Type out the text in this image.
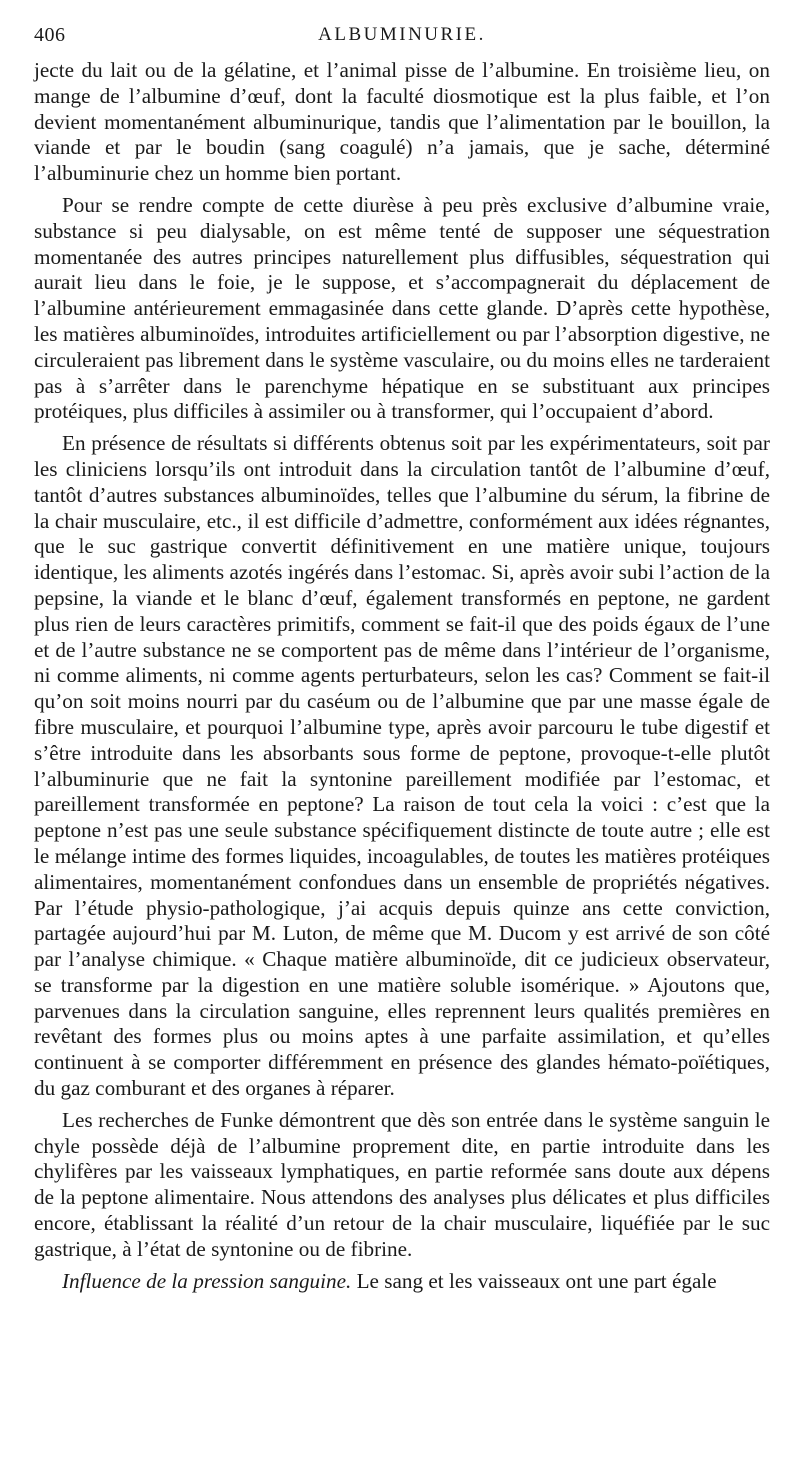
406	ALBUMINURIE.

jecte du lait ou de la gélatine, et l’animal pisse de l’albumine. En troisième lieu, on mange de l’albumine d’œuf, dont la faculté diosmotique est la plus faible, et l’on devient momentanément albuminurique, tandis que l’alimentation par le bouillon, la viande et par le boudin (sang coagulé) n’a jamais, que je sache, déterminé l’albuminurie chez un homme bien portant.

Pour se rendre compte de cette diurèse à peu près exclusive d’albumine vraie, substance si peu dialysable, on est même tenté de supposer une séquestration momentanée des autres principes naturellement plus diffusibles, séquestration qui aurait lieu dans le foie, je le suppose, et s’accompagnerait du déplacement de l’albumine antérieurement emmagasinée dans cette glande. D’après cette hypothèse, les matières albuminoïdes, introduites artificiellement ou par l’absorption digestive, ne circuleraient pas librement dans le système vasculaire, ou du moins elles ne tarderaient pas à s’arrêter dans le parenchyme hépatique en se substituant aux principes protéiques, plus difficiles à assimiler ou à transformer, qui l’occupaient d’abord.

En présence de résultats si différents obtenus soit par les expérimentateurs, soit par les cliniciens lorsqu’ils ont introduit dans la circulation tantôt de l’albumine d’œuf, tantôt d’autres substances albuminoïdes, telles que l’albumine du sérum, la fibrine de la chair musculaire, etc., il est difficile d’admettre, conformément aux idées régnantes, que le suc gastrique convertit définitivement en une matière unique, toujours identique, les aliments azotés ingérés dans l’estomac. Si, après avoir subi l’action de la pepsine, la viande et le blanc d’œuf, également transformés en peptone, ne gardent plus rien de leurs caractères primitifs, comment se fait-il que des poids égaux de l’une et de l’autre substance ne se comportent pas de même dans l’intérieur de l’organisme, ni comme aliments, ni comme agents perturbateurs, selon les cas? Comment se fait-il qu’on soit moins nourri par du caséum ou de l’albumine que par une masse égale de fibre musculaire, et pourquoi l’albumine type, après avoir parcouru le tube digestif et s’être introduite dans les absorbants sous forme de peptone, provoque-t-elle plutôt l’albuminurie que ne fait la syntonine pareillement modifiée par l’estomac, et pareillement transformée en peptone? La raison de tout cela la voici : c’est que la peptone n’est pas une seule substance spécifiquement distincte de toute autre ; elle est le mélange intime des formes liquides, incoagulables, de toutes les matières protéiques alimentaires, momentanément confondues dans un ensemble de propriétés négatives. Par l’étude physio-pathologique, j’ai acquis depuis quinze ans cette conviction, partagée aujourd’hui par M. Luton, de même que M. Ducom y est arrivé de son côté par l’analyse chimique. « Chaque matière albuminoïde, dit ce judicieux observateur, se transforme par la digestion en une matière soluble isomérique. » Ajoutons que, parvenues dans la circulation sanguine, elles reprennent leurs qualités premières en revêtant des formes plus ou moins aptes à une parfaite assimilation, et qu’elles continuent à se comporter différemment en présence des glandes hémato-poïétiques, du gaz comburant et des organes à réparer.

Les recherches de Funke démontrent que dès son entrée dans le système sanguin le chyle possède déjà de l’albumine proprement dite, en partie introduite dans les chylifères par les vaisseaux lymphatiques, en partie reformée sans doute aux dépens de la peptone alimentaire. Nous attendons des analyses plus délicates et plus difficiles encore, établissant la réalité d’un retour de la chair musculaire, liquéfiée par le suc gastrique, à l’état de syntonine ou de fibrine.

Influence de la pression sanguine. Le sang et les vaisseaux ont une part égale
